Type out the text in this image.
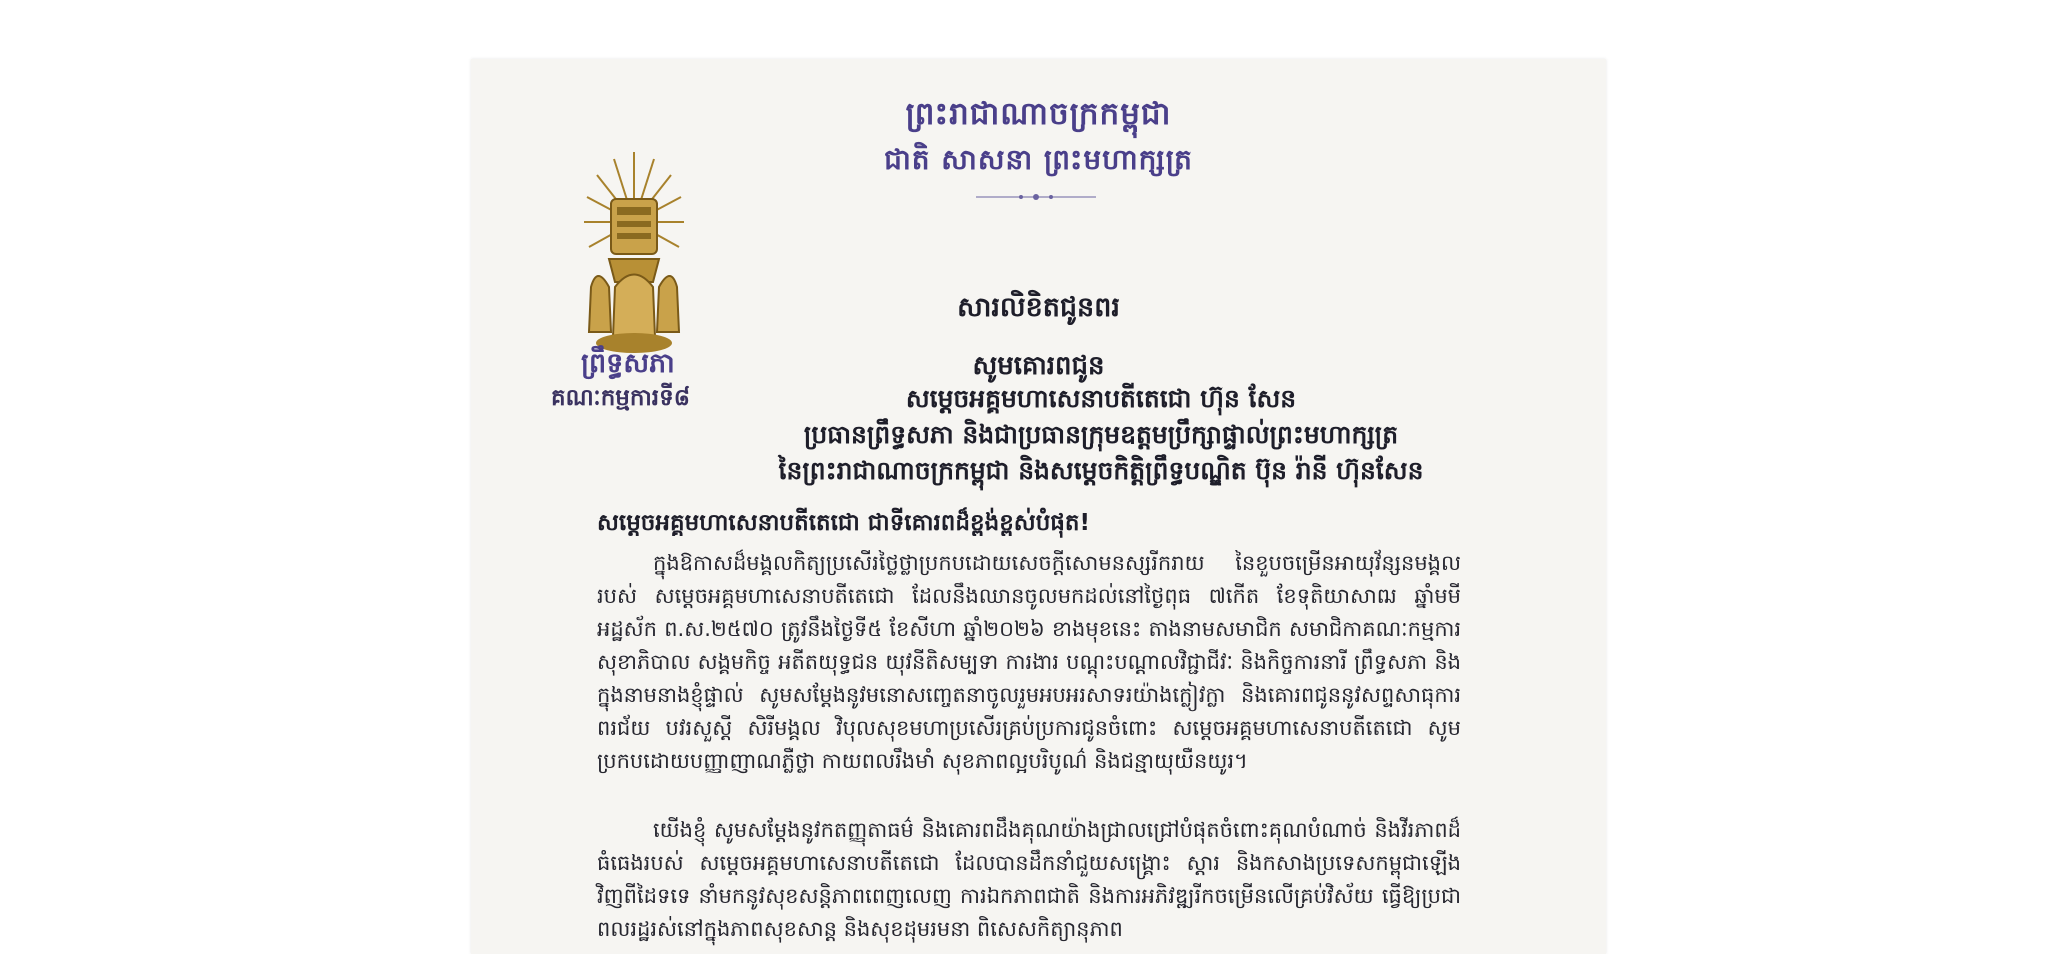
ព្រះរាជាណាចក្រកម្ពុជា
ជាតិ សាសនា ព្រះមហាក្សត្រ
ព្រឹទ្ធសភា
គណៈកម្មការទី៨
សារលិខិតជូនពរ
សូមគោរពជូន
សម្តេចអគ្គមហាសេនាបតីតេជោ ហ៊ុន សែន
ប្រធានព្រឹទ្ធសភា និងជាប្រធានក្រុមឧត្តមប្រឹក្សាផ្ទាល់ព្រះមហាក្សត្រ
នៃព្រះរាជាណាចក្រកម្ពុជា និងសម្តេចកិត្តិព្រឹទ្ធបណ្ឌិត ប៊ុន រ៉ានី ហ៊ុនសែន
សម្តេចអគ្គមហាសេនាបតីតេជោ ជាទីគោរពដ៏ខ្ពង់ខ្ពស់បំផុត!
ក្នុងឱកាសដ៏មង្គលកិត្យប្រសើរថ្លៃថ្លាប្រកបដោយសេចក្តីសោមនស្សរីករាយ នៃខួបចម្រើនអាយុវ័ន្សនមង្គលរបស់ សម្តេចអគ្គមហាសេនាបតីតេជោ ដែលនឹងឈានចូលមកដល់នៅថ្ងៃពុធ ៧កើត ខែទុតិយាសាឍ ឆ្នាំមមី អដ្ឋស័ក ព.ស.២៥៧០ ត្រូវនឹងថ្ងៃទី៥ ខែសីហា ឆ្នាំ២០២៦ ខាងមុខនេះ តាងនាមសមាជិក សមាជិកាគណៈកម្មការសុខាភិបាល សង្គមកិច្ច អតីតយុទ្ធជន យុវនីតិសម្បទា ការងារ បណ្តុះបណ្តាលវិជ្ជាជីវៈ និងកិច្ចការនារី ព្រឹទ្ធសភា និងក្នុងនាមនាងខ្ញុំផ្ទាល់ សូមសម្តែងនូវមនោសញ្ចេតនាចូលរួមអបអរសាទរយ៉ាងក្លៀវក្លា និងគោរពជូននូវសព្ទសាធុការពរជ័យ បវរសួស្តី សិរីមង្គល វិបុលសុខមហាប្រសើរគ្រប់ប្រការជូនចំពោះ សម្តេចអគ្គមហាសេនាបតីតេជោ សូមប្រកបដោយបញ្ញាញាណភ្លឺថ្លា កាយពលរឹងមាំ សុខភាពល្អបរិបូណ៌ និងជន្មាយុយឺនយូរ។
យើងខ្ញុំ សូមសម្តែងនូវកតញ្ញុតាធម៌ និងគោរពដឹងគុណយ៉ាងជ្រាលជ្រៅបំផុតចំពោះគុណបំណាច់ និងវីរភាពដ៏ធំធេងរបស់ សម្តេចអគ្គមហាសេនាបតីតេជោ ដែលបានដឹកនាំជួយសង្គ្រោះ ស្តារ និងកសាងប្រទេសកម្ពុជាឡើងវិញពីដៃទទេ នាំមកនូវសុខសន្តិភាពពេញលេញ ការឯកភាពជាតិ និងការអភិវឌ្ឍរីកចម្រើនលើគ្រប់វិស័យ ធ្វើឱ្យប្រជាពលរដ្ឋរស់នៅក្នុងភាពសុខសាន្ត និងសុខដុមរមនា ពិសេសកិត្យានុភាព
